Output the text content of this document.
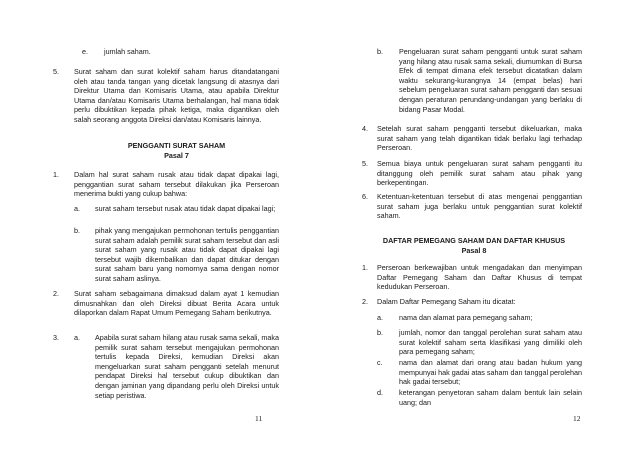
e. jumlah saham.
5. Surat saham dan surat kolektif saham harus ditandatangani oleh atau tanda tangan yang dicetak langsung di atasnya dari Direktur Utama dan Komisaris Utama, atau apabila Direktur Utama dan/atau Komisaris Utama berhalangan, hal mana tidak perlu dibuktikan kepada pihak ketiga, maka digantikan oleh salah seorang anggota Direksi dan/atau Komisaris lainnya.
PENGGANTI SURAT SAHAM
Pasal 7
1. Dalam hal surat saham rusak atau tidak dapat dipakai lagi, penggantian surat saham tersebut dilakukan jika Perseroan menerima bukti yang cukup bahwa:
a. surat saham tersebut rusak atau tidak dapat dipakai lagi;
b. pihak yang mengajukan permohonan tertulis penggantian surat saham adalah pemilik surat saham tersebut dan asli surat saham yang rusak atau tidak dapat dipakai lagi tersebut wajib dikembalikan dan dapat ditukar dengan surat saham baru yang nomornya sama dengan nomor surat saham aslinya.
2. Surat saham sebagaimana dimaksud dalam ayat 1 kemudian dimusnahkan dan oleh Direksi dibuat Berita Acara untuk dilaporkan dalam Rapat Umum Pemegang Saham berikutnya.
3. a. Apabila surat saham hilang atau rusak sama sekali, maka pemilik surat saham tersebut mengajukan permohonan tertulis kepada Direksi, kemudian Direksi akan mengeluarkan surat saham pengganti setelah menurut pendapat Direksi hal tersebut cukup dibuktikan dan dengan jaminan yang dipandang perlu oleh Direksi untuk setiap peristiwa.
11
b. Pengeluaran surat saham pengganti untuk surat saham yang hilang atau rusak sama sekali, diumumkan di Bursa Efek di tempat dimana efek tersebut dicatatkan dalam waktu sekurang-kurangnya 14 (empat belas) hari sebelum pengeluaran surat saham pengganti dan sesuai dengan peraturan perundang-undangan yang berlaku di bidang Pasar Modal.
4. Setelah surat saham pengganti tersebut dikeluarkan, maka surat saham yang telah digantikan tidak berlaku lagi terhadap Perseroan.
5. Semua biaya untuk pengeluaran surat saham pengganti itu ditanggung oleh pemilik surat saham atau pihak yang berkepentingan.
6. Ketentuan-ketentuan tersebut di atas mengenai penggantian surat saham juga berlaku untuk penggantian surat kolektif saham.
DAFTAR PEMEGANG SAHAM DAN DAFTAR KHUSUS
Pasal 8
1. Perseroan berkewajiban untuk mengadakan dan menyimpan Daftar Pemegang Saham dan Daftar Khusus di tempat kedudukan Perseroan.
2. Dalam Daftar Pemegang Saham itu dicatat:
a. nama dan alamat para pemegang saham;
b. jumlah, nomor dan tanggal perolehan surat saham atau surat kolektif saham serta klasifikasi yang dimiliki oleh para pemegang saham;
c. nama dan alamat dari orang atau badan hukum yang mempunyai hak gadai atas saham dan tanggal perolehan hak gadai tersebut;
d. keterangan penyetoran saham dalam bentuk lain selain uang; dan
12
